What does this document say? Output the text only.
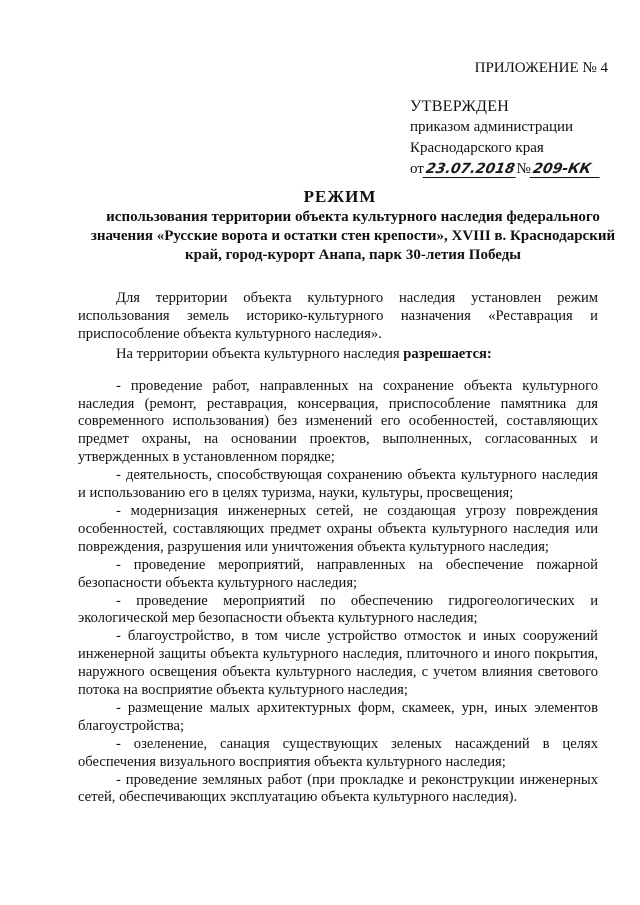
ПРИЛОЖЕНИЕ № 4
УТВЕРЖДЕН
приказом администрации
Краснодарского края
от 23.07.2018 № 209-КК
РЕЖИМ
использования территории объекта культурного наследия федерального значения «Русские ворота и остатки стен крепости», XVIII в. Краснодарский край, город-курорт Анапа, парк 30-летия Победы

Для территории объекта культурного наследия установлен режим использования земель историко-культурного назначения «Реставрация и приспособление объекта культурного наследия».

На территории объекта культурного наследия разрешается:

- проведение работ, направленных на сохранение объекта культурного наследия (ремонт, реставрация, консервация, приспособление памятника для современного использования) без изменений его особенностей, составляющих предмет охраны, на основании проектов, выполненных, согласованных и утвержденных в установленном порядке;

- деятельность, способствующая сохранению объекта культурного наследия и использованию его в целях туризма, науки, культуры, просвещения;

- модернизация инженерных сетей, не создающая угрозу повреждения особенностей, составляющих предмет охраны объекта культурного наследия или повреждения, разрушения или уничтожения объекта культурного наследия;

- проведение мероприятий, направленных на обеспечение пожарной безопасности объекта культурного наследия;

- проведение мероприятий по обеспечению гидрогеологических и экологической мер безопасности объекта культурного наследия;

- благоустройство, в том числе устройство отмосток и иных сооружений инженерной защиты объекта культурного наследия, плиточного и иного покрытия, наружного освещения объекта культурного наследия, с учетом влияния светового потока на восприятие объекта культурного наследия;

- размещение малых архитектурных форм, скамеек, урн, иных элементов благоустройства;

- озеленение, санация существующих зеленых насаждений в целях обеспечения визуального восприятия объекта культурного наследия;

- проведение земляных работ (при прокладке и реконструкции инженерных сетей, обеспечивающих эксплуатацию объекта культурного наследия).
